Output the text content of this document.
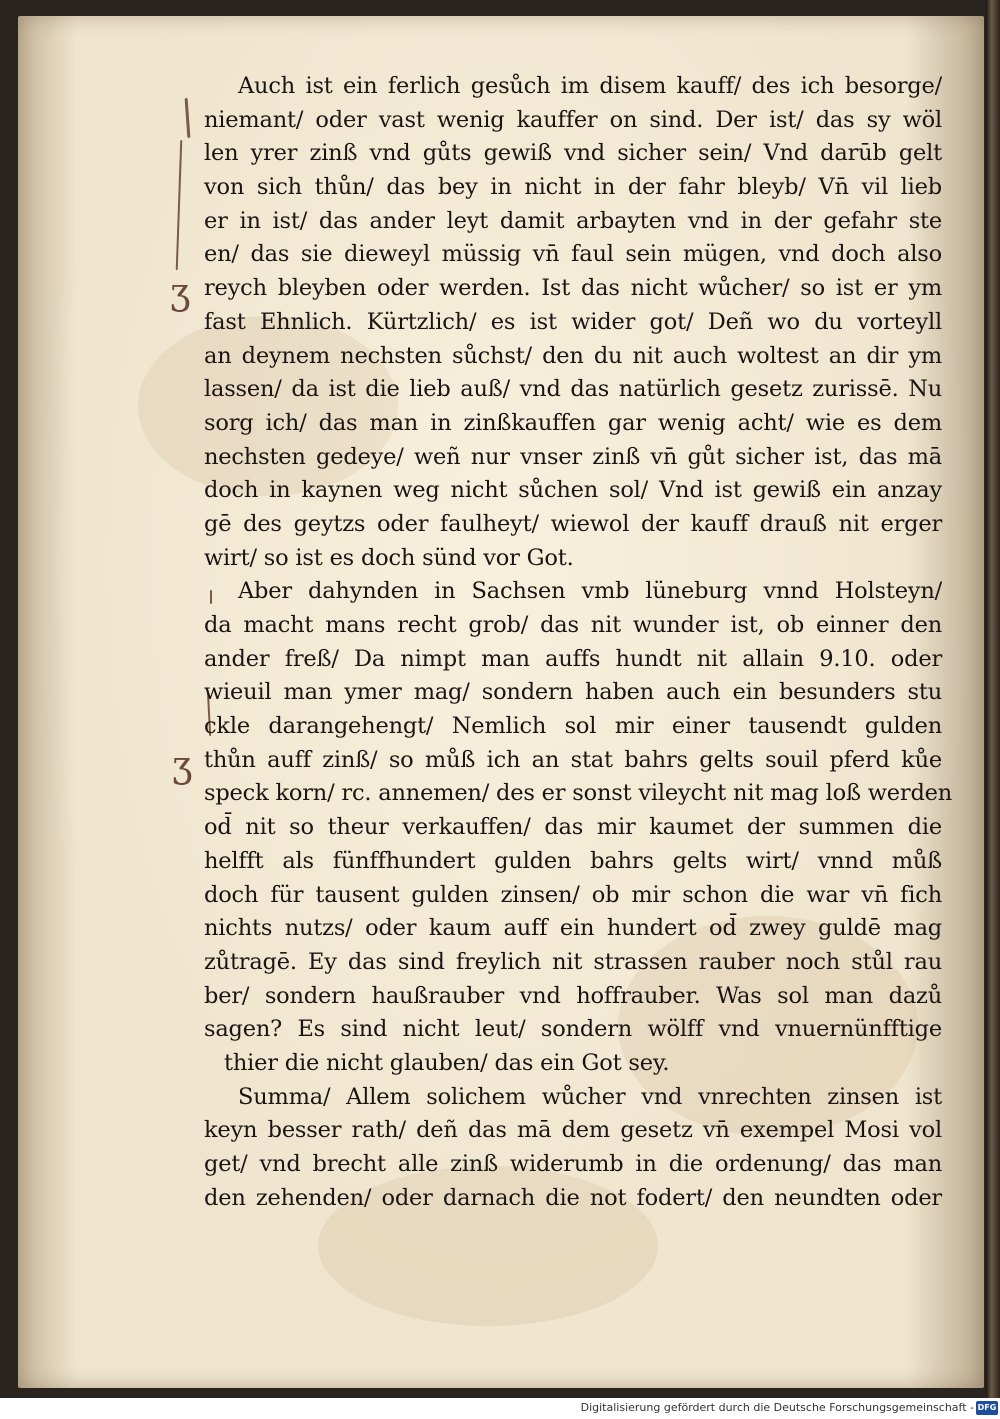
ʒ
ʒ
Auch ist ein ferlich gesůch im disem kauff/ des ich besorge/
niemant/ oder vast wenig kauffer on sind. Der ist/ das sy wöl
len yrer zinß vnd gůts gewiß vnd sicher sein/ Vnd darūb gelt
von sich thůn/ das bey in nicht in der fahr bleyb/ Vn̄ vil lieb
er in ist/ das ander leyt damit arbayten vnd in der gefahr ste
en/ das sie dieweyl müssig vn̄ faul sein mügen, vnd doch also
reych bleyben oder werden. Ist das nicht wůcher/ so ist er ym
fast Ehnlich. Kürtzlich/ es ist wider got/ Deñ wo du vorteyll
an deynem nechsten sůchst/ den du nit auch woltest an dir ym
lassen/ da ist die lieb auß/ vnd das natürlich gesetz zurissē. Nu
sorg ich/ das man in zinßkauffen gar wenig acht/ wie es dem
nechsten gedeye/ weñ nur vnser zinß vn̄ gůt sicher ist, das mā
doch in kaynen weg nicht sůchen sol/ Vnd ist gewiß ein anzay
gē des geytzs oder faulheyt/ wiewol der kauff drauß nit erger
wirt/ so ist es doch sünd vor Got.
Aber dahynden in Sachsen vmb lüneburg vnnd Holsteyn/
da macht mans recht grob/ das nit wunder ist, ob einner den
ander freß/ Da nimpt man auffs hundt nit allain 9.10. oder
wieuil man ymer mag/ sondern haben auch ein besunders stu
ckle darangehengt/ Nemlich sol mir einer tausendt gulden
thůn auff zinß/ so můß ich an stat bahrs gelts souil pferd kůe
speck korn/ rc. annemen/ des er sonst vileycht nit mag loß werden
od̄ nit so theur verkauffen/ das mir kaumet der summen die
helfft als fünffhundert gulden bahrs gelts wirt/ vnnd můß
doch für tausent gulden zinsen/ ob mir schon die war vn̄ fich
nichts nutzs/ oder kaum auff ein hundert od̄ zwey guldē mag
zůtragē. Ey das sind freylich nit strassen rauber noch stůl rau
ber/ sondern haußrauber vnd hoffrauber. Was sol man dazů
sagen? Es sind nicht leut/ sondern wölff vnd vnuernünfftige
thier die nicht glauben/ das ein Got sey.
Summa/ Allem solichem wůcher vnd vnrechten zinsen ist
keyn besser rath/ deñ das mā dem gesetz vn̄ exempel Mosi vol
get/ vnd brecht alle zinß widerumb in die ordenung/ das man
den zehenden/ oder darnach die not fodert/ den neundten oder
Digitalisierung gefördert durch die Deutsche Forschungsgemeinschaft - DFG
